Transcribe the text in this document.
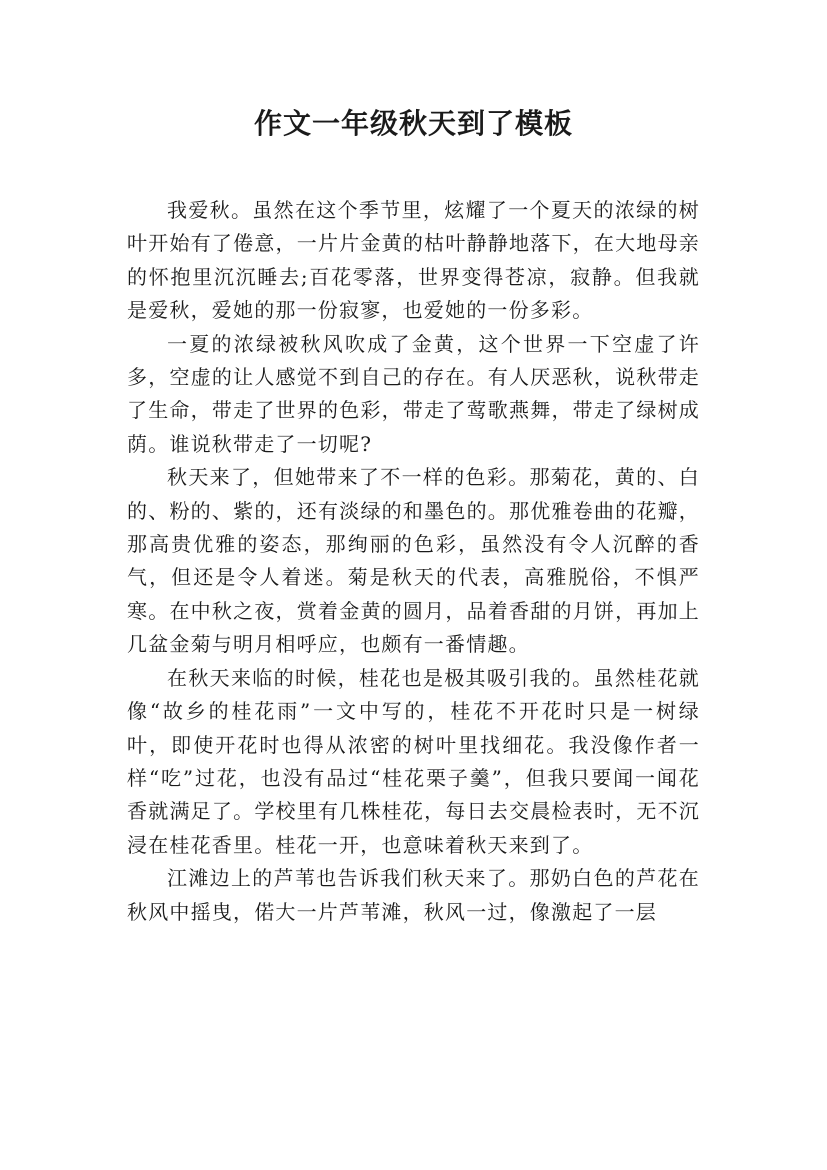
作文一年级秋天到了模板

我爱秋。虽然在这个季节里，炫耀了一个夏天的浓绿的树叶开始有了倦意，一片片金黄的枯叶静静地落下，在大地母亲的怀抱里沉沉睡去;百花零落，世界变得苍凉，寂静。但我就是爱秋，爱她的那一份寂寥，也爱她的一份多彩。

一夏的浓绿被秋风吹成了金黄，这个世界一下空虚了许多，空虚的让人感觉不到自己的存在。有人厌恶秋，说秋带走了生命，带走了世界的色彩，带走了莺歌燕舞，带走了绿树成荫。谁说秋带走了一切呢?

秋天来了，但她带来了不一样的色彩。那菊花，黄的、白的、粉的、紫的，还有淡绿的和墨色的。那优雅卷曲的花瓣，那高贵优雅的姿态，那绚丽的色彩，虽然没有令人沉醉的香气，但还是令人着迷。菊是秋天的代表，高雅脱俗，不惧严寒。在中秋之夜，赏着金黄的圆月，品着香甜的月饼，再加上几盆金菊与明月相呼应，也颇有一番情趣。

在秋天来临的时候，桂花也是极其吸引我的。虽然桂花就像“故乡的桂花雨”一文中写的，桂花不开花时只是一树绿叶，即使开花时也得从浓密的树叶里找细花。我没像作者一样“吃”过花，也没有品过“桂花栗子羹”，但我只要闻一闻花香就满足了。学校里有几株桂花，每日去交晨检表时，无不沉浸在桂花香里。桂花一开，也意味着秋天来到了。

江滩边上的芦苇也告诉我们秋天来了。那奶白色的芦花在秋风中摇曳，偌大一片芦苇滩，秋风一过，像激起了一层
